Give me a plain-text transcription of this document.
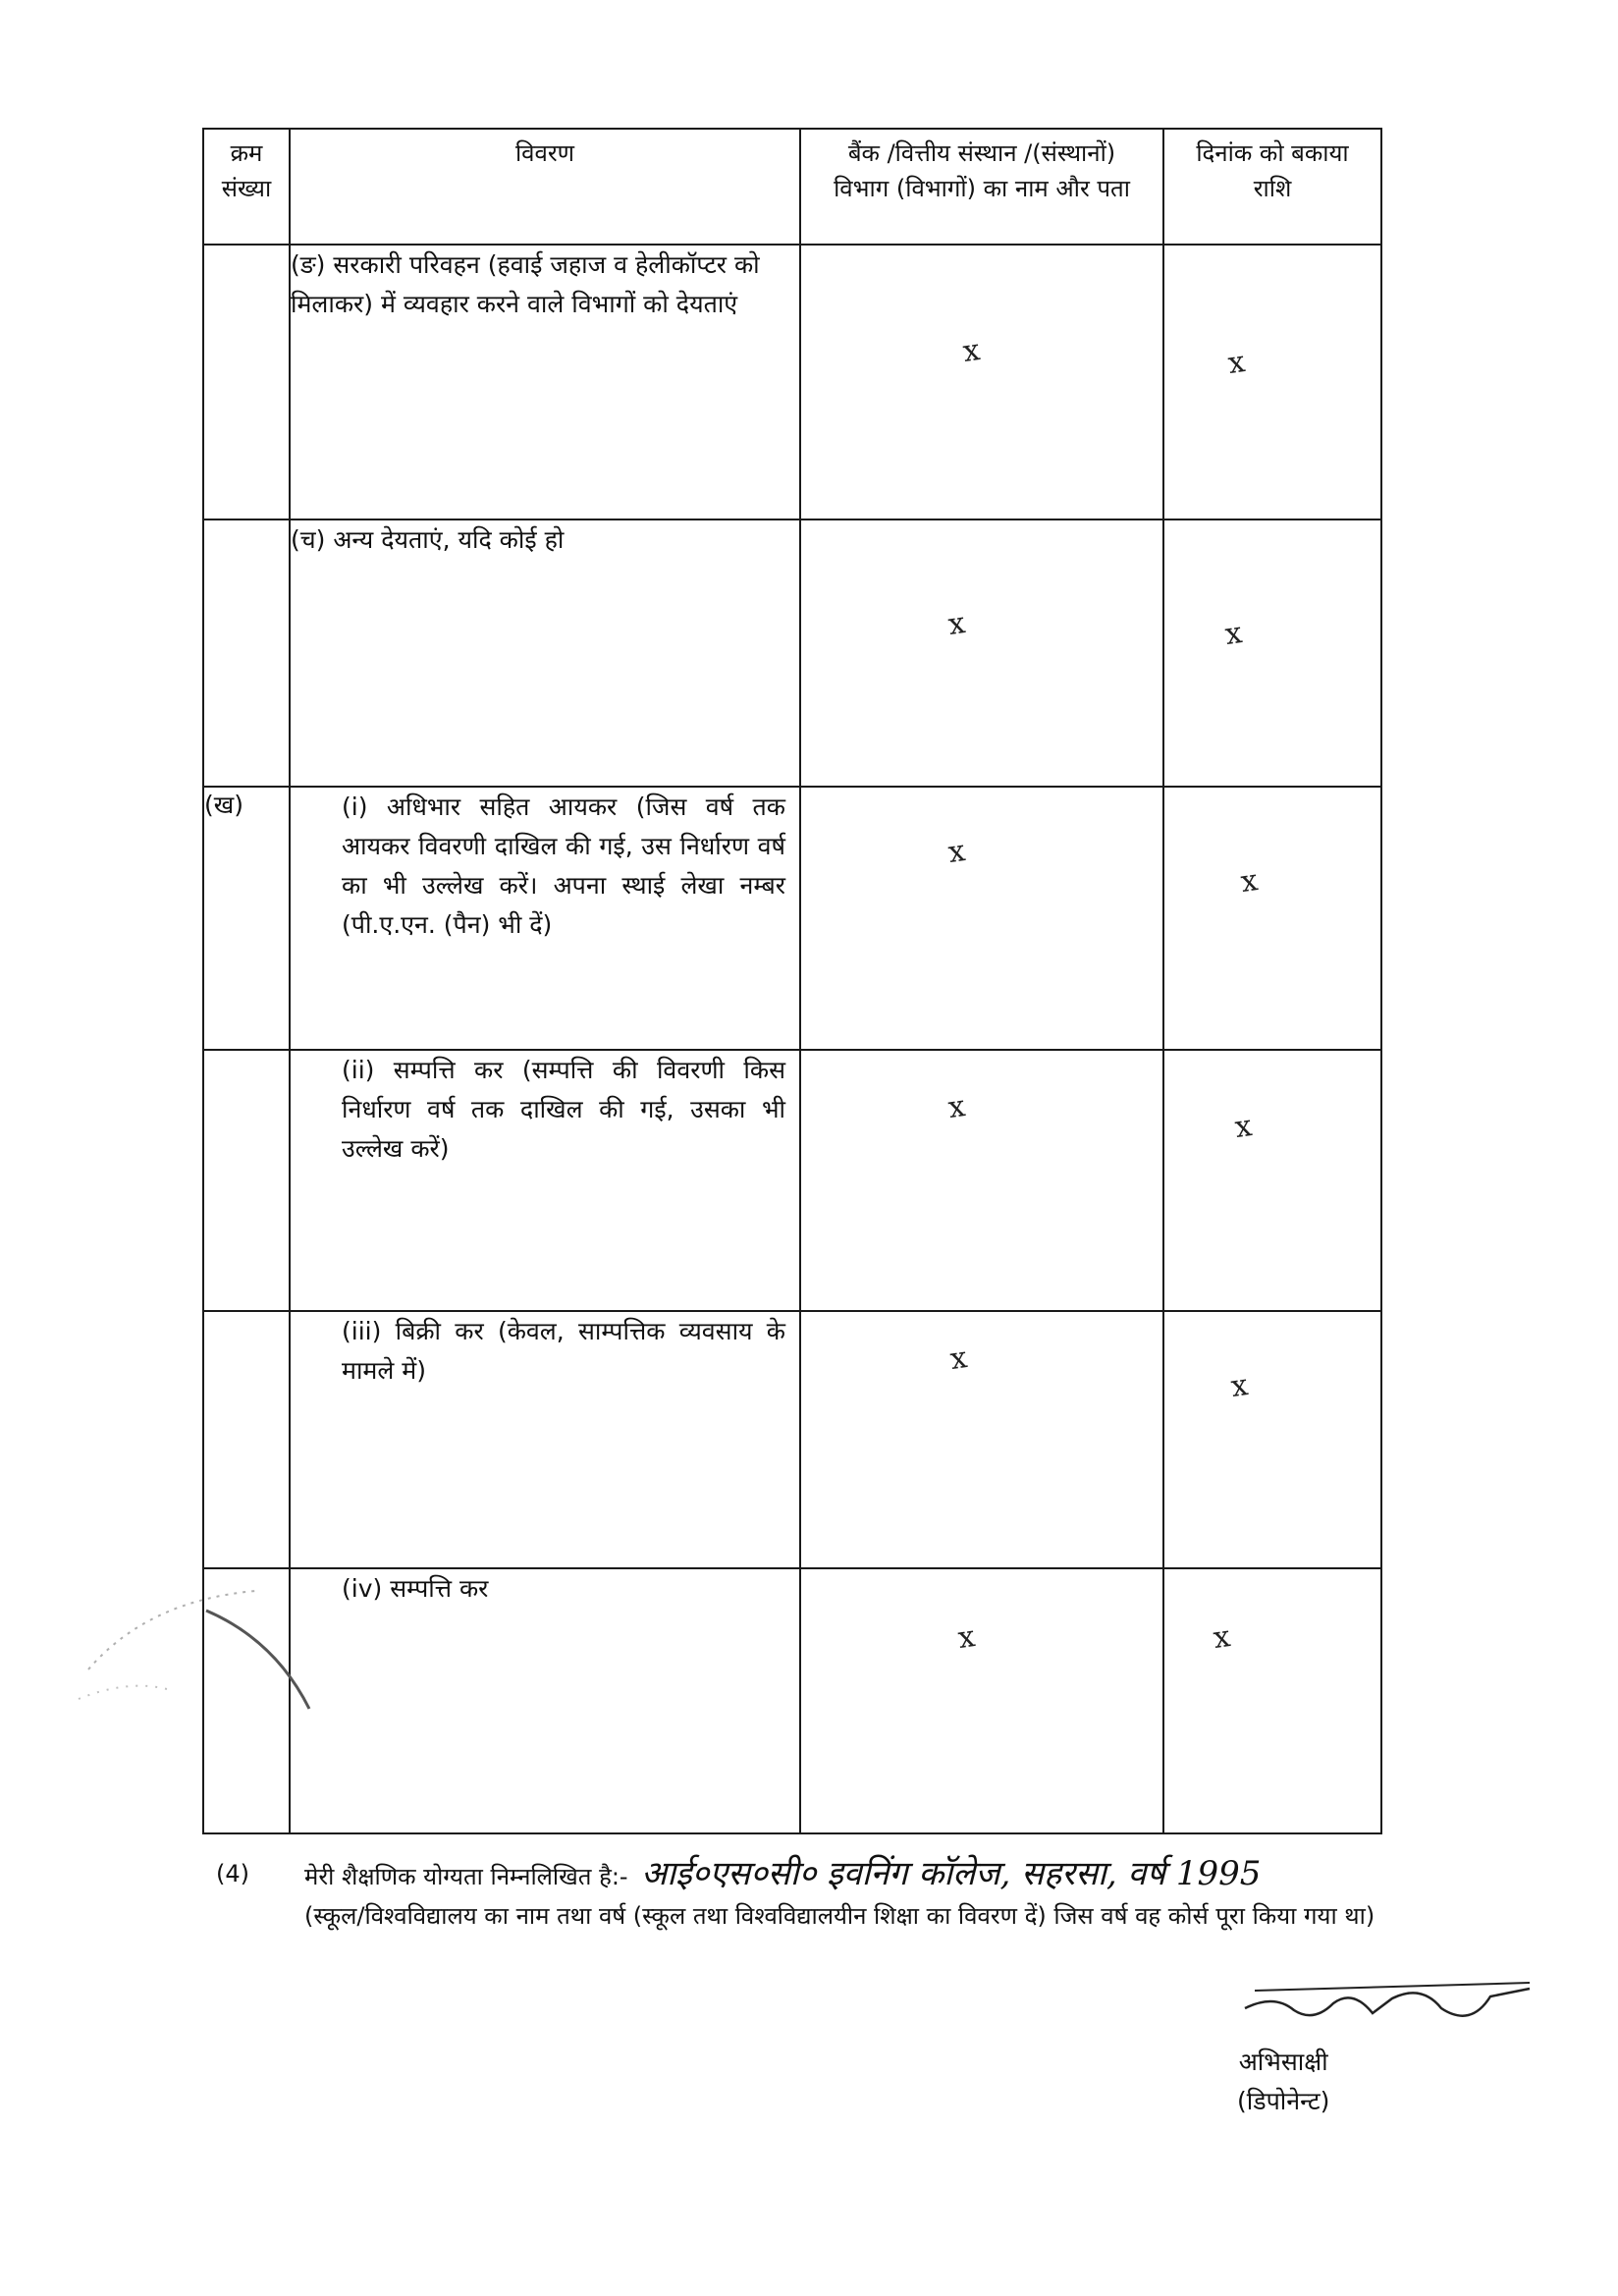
क्रम संख्या	विवरण	बैंक /वित्तीय संस्थान /(संस्थानों) विभाग (विभागों) का नाम और पता	दिनांक को बकाया राशि
	(ङ) सरकारी परिवहन (हवाई जहाज व हेलीकॉप्टर को मिलाकर) में व्यवहार करने वाले विभागों को देयताएं	x	x

	(च) अन्य देयताएं, यदि कोई हो	x	x

(ख)	(i) अधिभार सहित आयकर (जिस वर्ष तक आयकर विवरणी दाखिल की गई, उस निर्धारण वर्ष का भी उल्लेख करें। अपना स्थाई लेखा नम्बर (पी.ए.एन. (पैन) भी दें)	x	x

	(ii) सम्पत्ति कर (सम्पत्ति की विवरणी किस निर्धारण वर्ष तक दाखिल की गई, उसका भी उल्लेख करें)	x	x

	(iii) बिक्री कर (केवल, साम्पत्तिक व्यवसाय के मामले में)	x	x

	(iv) सम्पत्ति कर	x	x
(4) मेरी शैक्षणिक योग्यता निम्नलिखित है:- आई०एस०सी० इवनिंग कॉलेज, सहरसा, वर्ष 1995
(स्कूल/विश्वविद्यालय का नाम तथा वर्ष (स्कूल तथा विश्वविद्यालयीन शिक्षा का विवरण दें) जिस वर्ष वह कोर्स पूरा किया गया था)
अभिसाक्षी
(डिपोनेन्ट)
